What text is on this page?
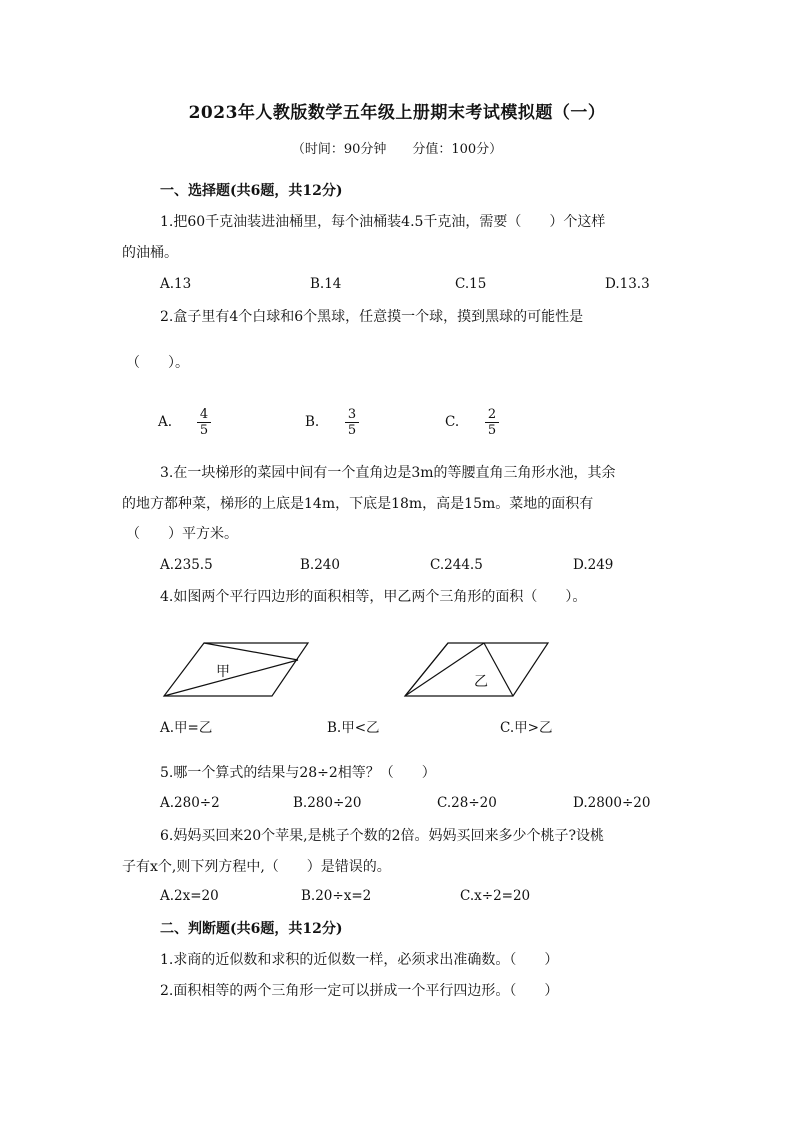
2023年人教版数学五年级上册期末考试模拟题（一）
（时间：90分钟　　分值：100分）
一、选择题(共6题，共12分)
1.把60千克油装进油桶里，每个油桶装4.5千克油，需要（　　）个这样
的油桶。
A.13	B.14	C.15	D.13.3
2.盒子里有4个白球和6个黑球，任意摸一个球，摸到黑球的可能性是
（　　）。
A. $\frac{4}{5}$	B. $\frac{3}{5}$	C. $\frac{2}{5}$
3.在一块梯形的菜园中间有一个直角边是3m的等腰直角三角形水池，其余
的地方都种菜，梯形的上底是14m，下底是18m，高是15m。菜地的面积有
（　　）平方米。
A.235.5	B.240	C.244.5	D.249
4.如图两个平行四边形的面积相等，甲乙两个三角形的面积（　　）。
甲
乙
A.甲=乙	B.甲<乙	C.甲>乙
5.哪一个算式的结果与28÷2相等？（　　）
A.280÷2	B.280÷20	C.28÷20	D.2800÷20
6.妈妈买回来20个苹果,是桃子个数的2倍。妈妈买回来多少个桃子?设桃
子有x个,则下列方程中,（　　）是错误的。
A.2x=20	B.20÷x=2	C.x÷2=20
二、判断题(共6题，共12分)
1.求商的近似数和求积的近似数一样，必须求出准确数。（　　）
2.面积相等的两个三角形一定可以拼成一个平行四边形。（　　）
